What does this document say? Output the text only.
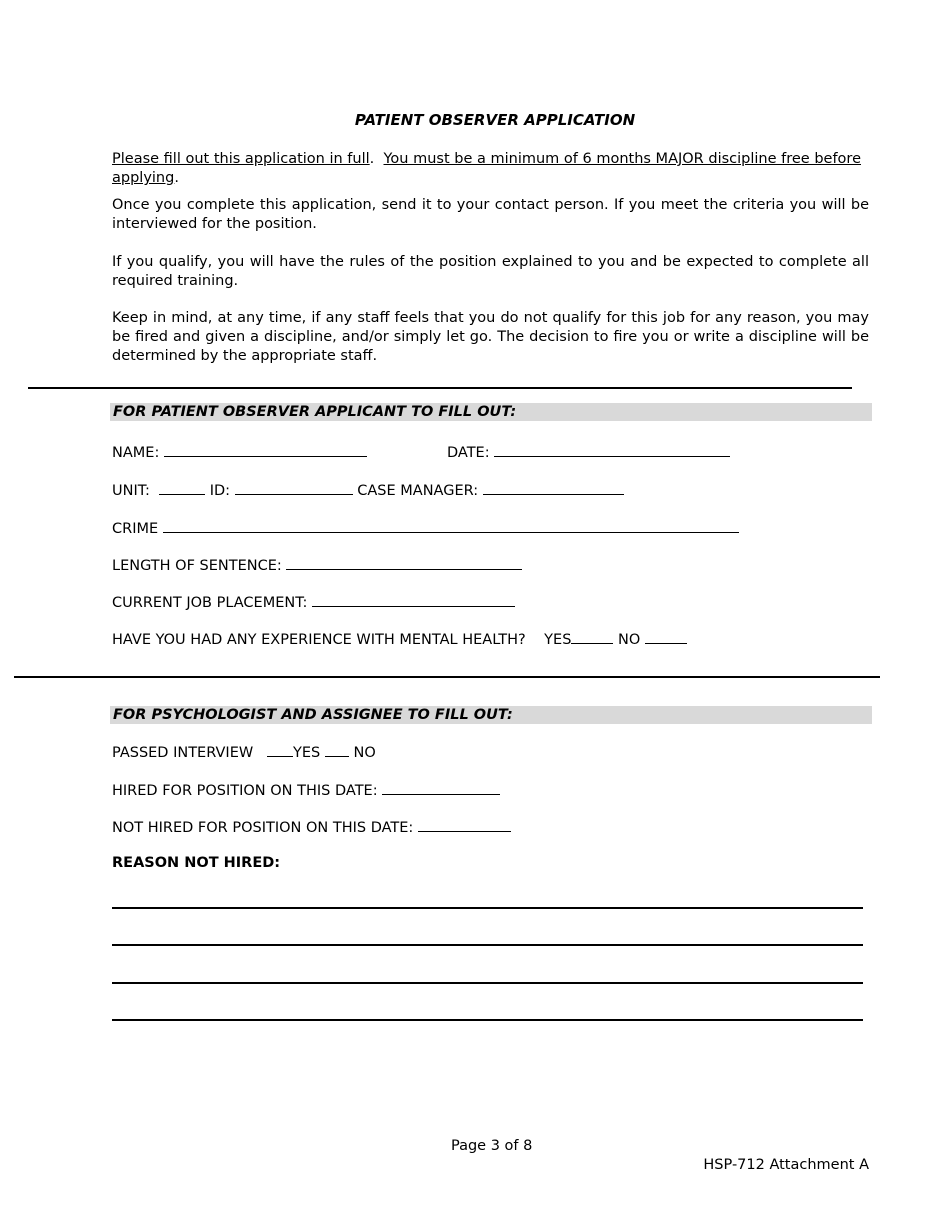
PATIENT OBSERVER APPLICATION
Please fill out this application in full.  You must be a minimum of 6 months MAJOR discipline free before applying.
Once you complete this application, send it to your contact person. If you meet the criteria you will be interviewed for the position.
If you qualify, you will have the rules of the position explained to you and be expected to complete all required training.
Keep in mind, at any time, if any staff feels that you do not qualify for this job for any reason, you may be fired and given a discipline, and/or simply let go. The decision to fire you or write a discipline will be determined by the appropriate staff.
FOR PATIENT OBSERVER APPLICANT TO FILL OUT:
NAME:	DATE:
UNIT:	ID:	CASE MANAGER:
CRIME
LENGTH OF SENTENCE:
CURRENT JOB PLACEMENT:
HAVE YOU HAD ANY EXPERIENCE WITH MENTAL HEALTH? YES	NO
FOR PSYCHOLOGIST AND ASSIGNEE TO FILL OUT:
PASSED INTERVIEW	YES NO
HIRED FOR POSITION ON THIS DATE:
NOT HIRED FOR POSITION ON THIS DATE:
REASON NOT HIRED:
Page 3 of 8
HSP-712 Attachment A
